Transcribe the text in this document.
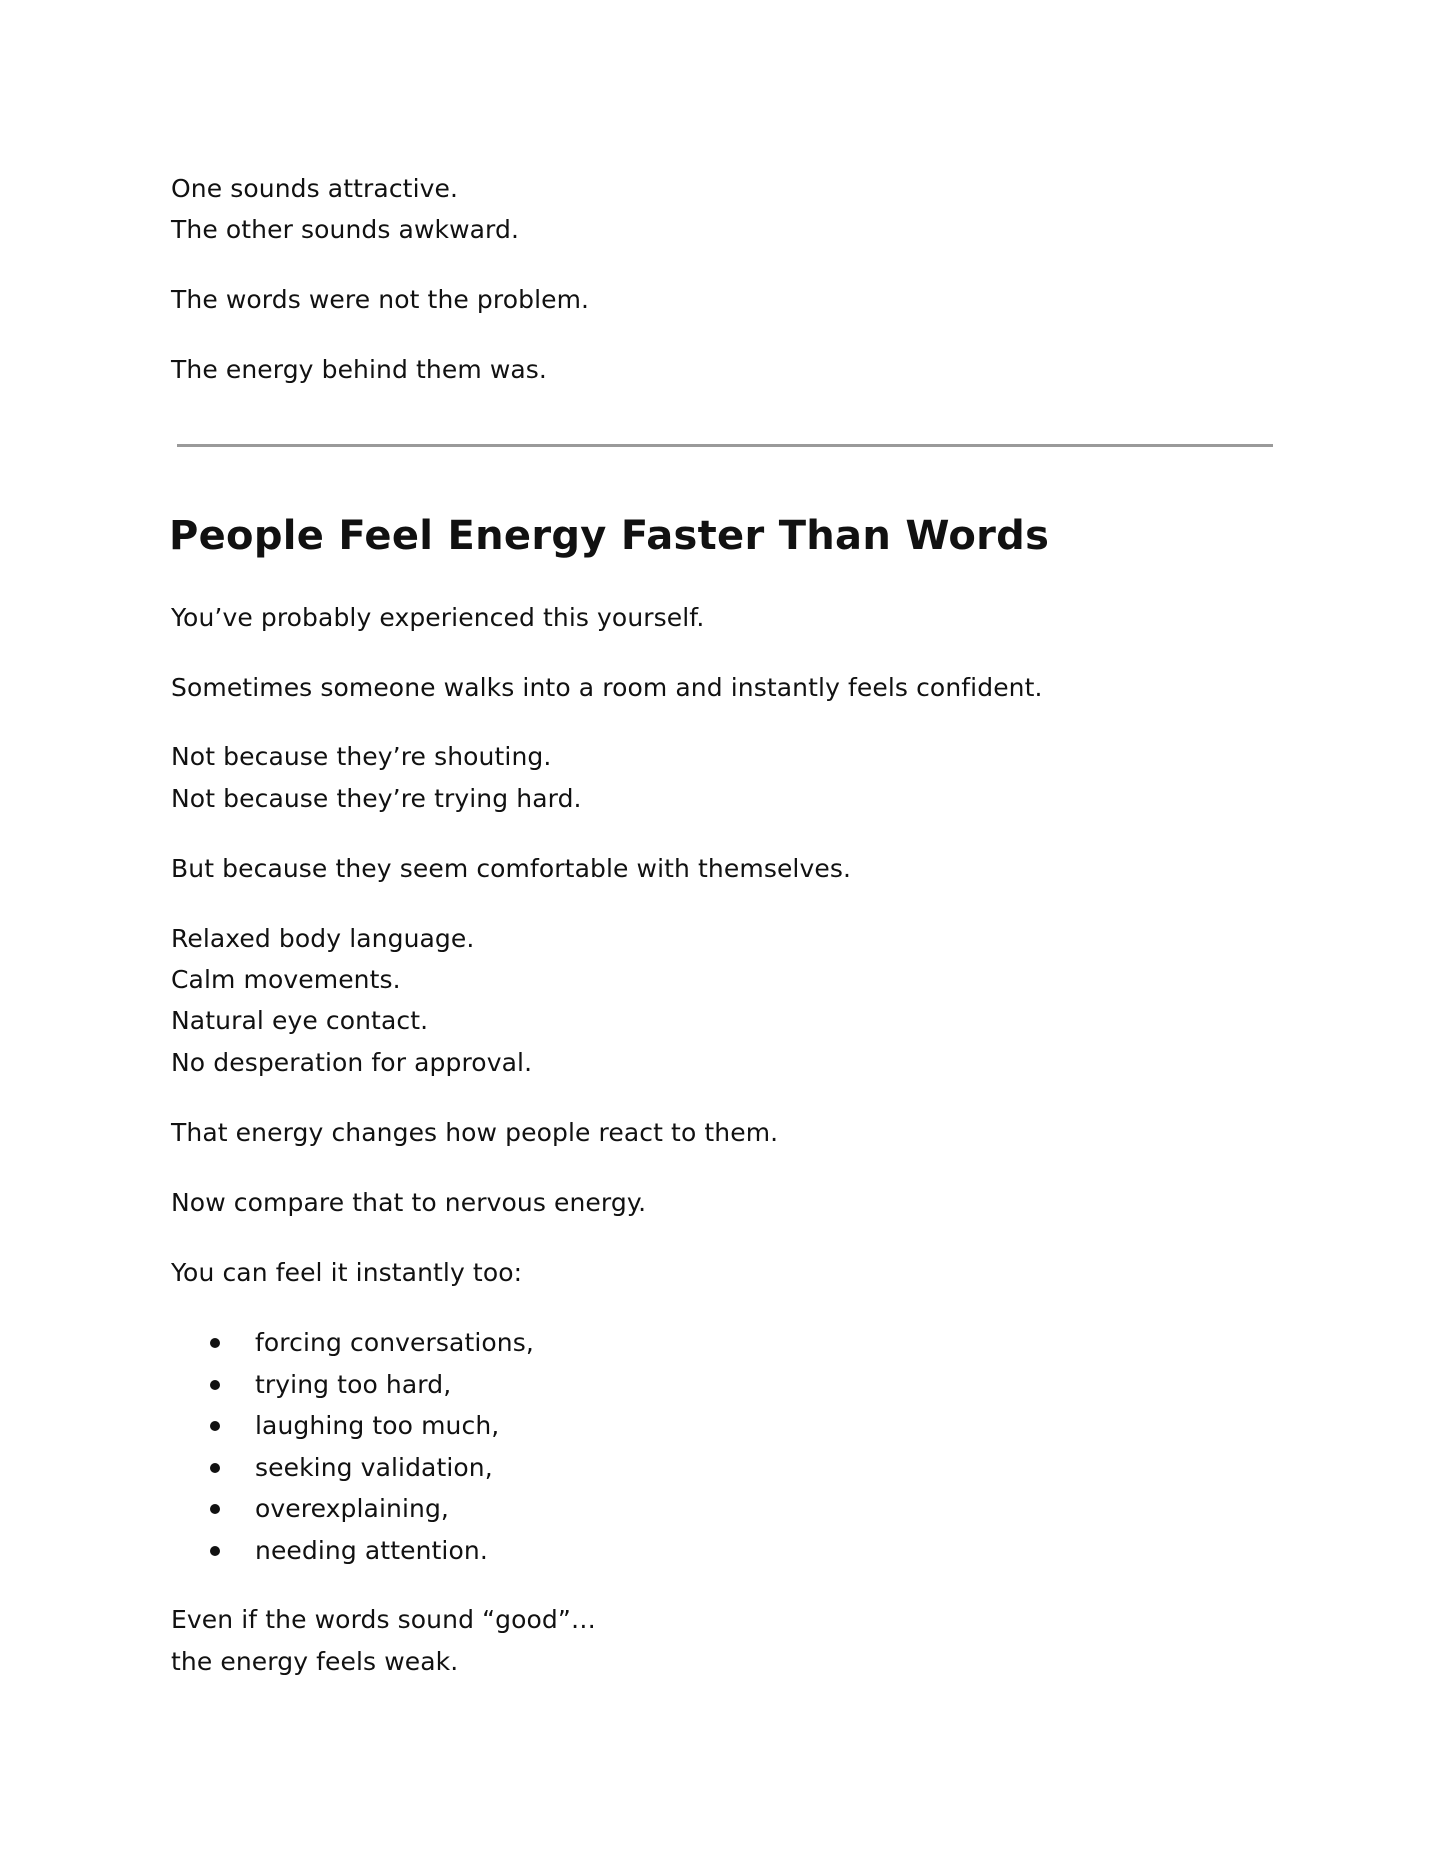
One sounds attractive.
The other sounds awkward.
The words were not the problem.
The energy behind them was.
People Feel Energy Faster Than Words
You’ve probably experienced this yourself.
Sometimes someone walks into a room and instantly feels confident.
Not because they’re shouting.
Not because they’re trying hard.
But because they seem comfortable with themselves.
Relaxed body language.
Calm movements.
Natural eye contact.
No desperation for approval.
That energy changes how people react to them.
Now compare that to nervous energy.
You can feel it instantly too:
forcing conversations,
trying too hard,
laughing too much,
seeking validation,
overexplaining,
needing attention.
Even if the words sound “good”…
the energy feels weak.
